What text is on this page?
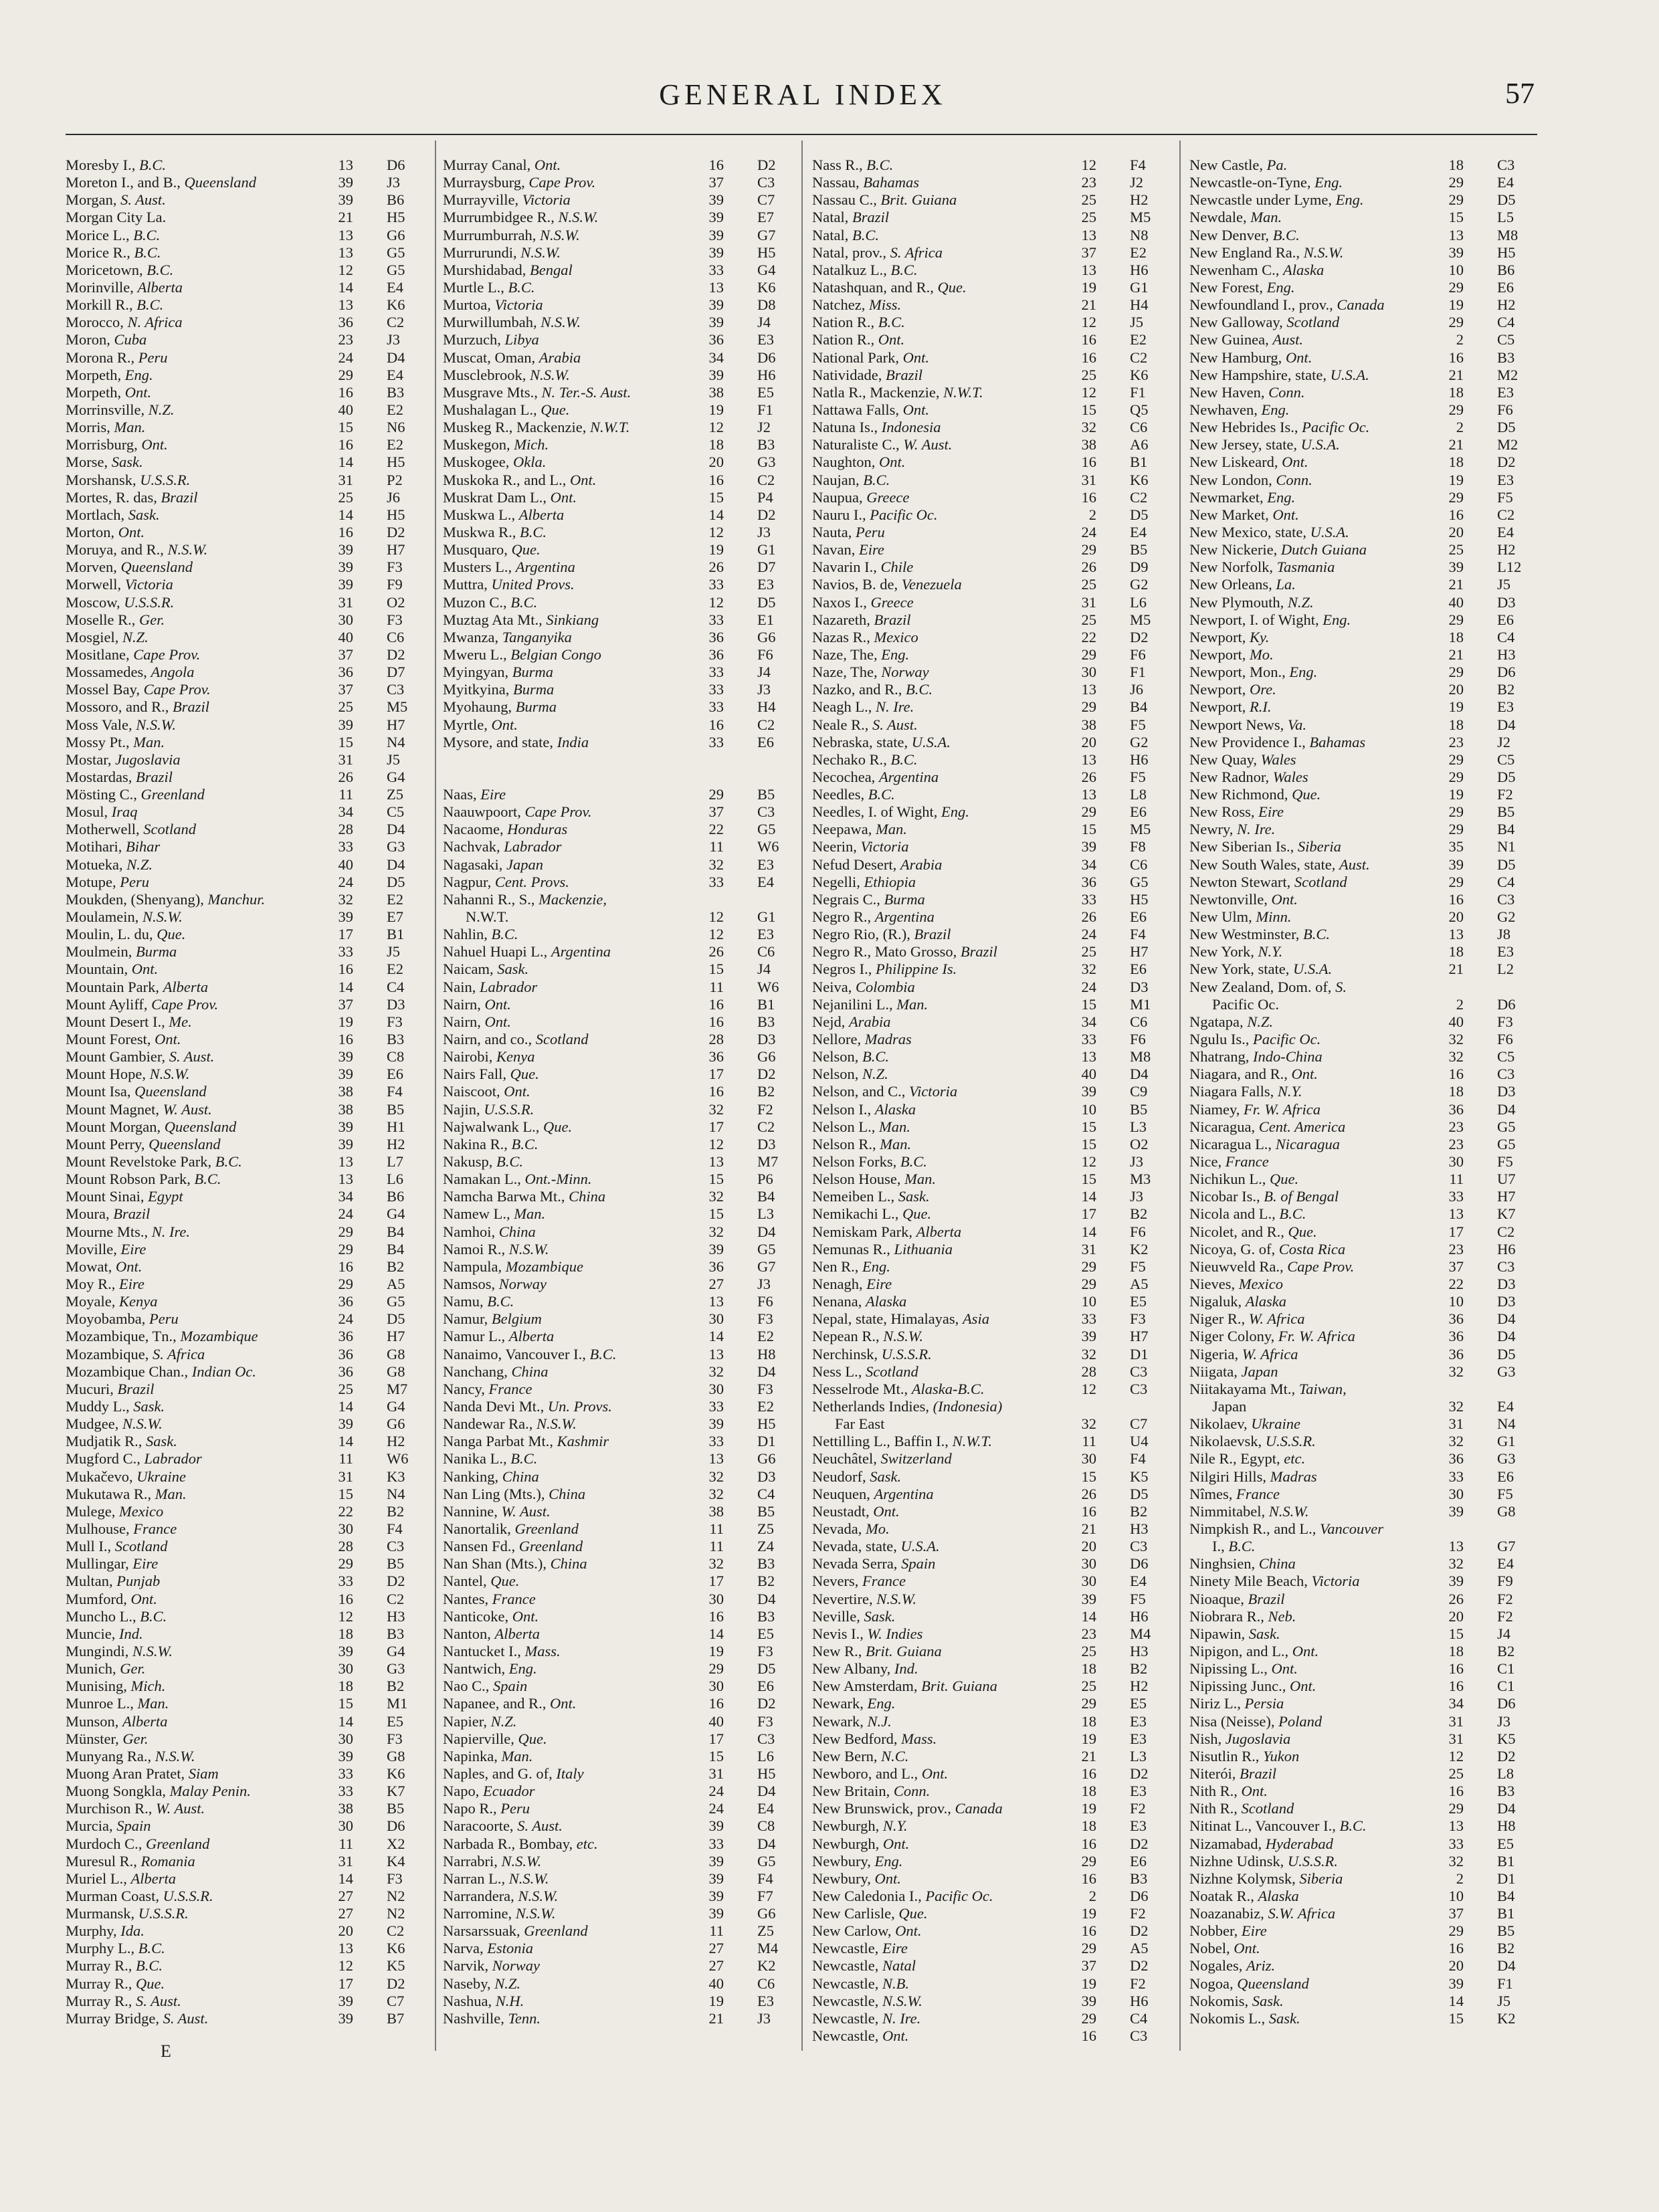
GENERAL INDEX	57
Moresby I., B.C.	13 D6
Moreton I., and B., Queensland	39 J3
Morgan, S. Aust.	39 B6
Morgan City La.	21 H5
Morice L., B.C.	13 G6
Morice R., B.C.	13 G5
Moricetown, B.C.	12 G5
Morinville, Alberta	14 E4
Morkill R., B.C.	13 K6
Morocco, N. Africa	36 C2
Moron, Cuba	23 J3
Morona R., Peru	24 D4
Morpeth, Eng.	29 E4
Morpeth, Ont.	16 B3
Morrinsville, N.Z.	40 E2
Morris, Man.	15 N6
Morrisburg, Ont.	16 E2
Morse, Sask.	14 H5
Morshansk, U.S.S.R.	31 P2
Mortes, R. das, Brazil	25 J6
Mortlach, Sask.	14 H5
Morton, Ont.	16 D2
Moruya, and R., N.S.W.	39 H7
Morven, Queensland	39 F3
Morwell, Victoria	39 F9
Moscow, U.S.S.R.	31 O2
Moselle R., Ger.	30 F3
Mosgiel, N.Z.	40 C6
Mositlane, Cape Prov.	37 D2
Mossamedes, Angola	36 D7
Mossel Bay, Cape Prov.	37 C3
Mossoro, and R., Brazil	25 M5
Moss Vale, N.S.W.	39 H7
Mossy Pt., Man.	15 N4
Mostar, Jugoslavia	31 J5
Mostardas, Brazil	26 G4
Mösting C., Greenland	11 Z5
Mosul, Iraq	34 C5
Motherwell, Scotland	28 D4
Motihari, Bihar	33 G3
Motueka, N.Z.	40 D4
Motupe, Peru	24 D5
Moukden, (Shenyang), Manchur.	32 E2
Moulamein, N.S.W.	39 E7
Moulin, L. du, Que.	17 B1
Moulmein, Burma	33 J5
Mountain, Ont.	16 E2
Mountain Park, Alberta	14 C4
Mount Ayliff, Cape Prov.	37 D3
Mount Desert I., Me.	19 F3
Mount Forest, Ont.	16 B3
Mount Gambier, S. Aust.	39 C8
Mount Hope, N.S.W.	39 E6
Mount Isa, Queensland	38 F4
Mount Magnet, W. Aust.	38 B5
Mount Morgan, Queensland	39 H1
Mount Perry, Queensland	39 H2
Mount Revelstoke Park, B.C.	13 L7
Mount Robson Park, B.C.	13 L6
Mount Sinai, Egypt	34 B6
Moura, Brazil	24 G4
Mourne Mts., N. Ire.	29 B4
Moville, Eire	29 B4
Mowat, Ont.	16 B2
Moy R., Eire	29 A5
Moyale, Kenya	36 G5
Moyobamba, Peru	24 D5
Mozambique, Tn., Mozambique	36 H7
Mozambique, S. Africa	36 G8
Mozambique Chan., Indian Oc.	36 G8
Mucuri, Brazil	25 M7
Muddy L., Sask.	14 G4
Mudgee, N.S.W.	39 G6
Mudjatik R., Sask.	14 H2
Mugford C., Labrador	11 W6
Mukačevo, Ukraine	31 K3
Mukutawa R., Man.	15 N4
Mulege, Mexico	22 B2
Mulhouse, France	30 F4
Mull I., Scotland	28 C3
Mullingar, Eire	29 B5
Multan, Punjab	33 D2
Mumford, Ont.	16 C2
Muncho L., B.C.	12 H3
Muncie, Ind.	18 B3
Mungindi, N.S.W.	39 G4
Munich, Ger.	30 G3
Munising, Mich.	18 B2
Munroe L., Man.	15 M1
Munson, Alberta	14 E5
Münster, Ger.	30 F3
Munyang Ra., N.S.W.	39 G8
Muong Aran Pratet, Siam	33 K6
Muong Songkla, Malay Penin.	33 K7
Murchison R., W. Aust.	38 B5
Murcia, Spain	30 D6
Murdoch C., Greenland	11 X2
Muresul R., Romania	31 K4
Muriel L., Alberta	14 F3
Murman Coast, U.S.S.R.	27 N2
Murmansk, U.S.S.R.	27 N2
Murphy, Ida.	20 C2
Murphy L., B.C.	13 K6
Murray R., B.C.	12 K5
Murray R., Que.	17 D2
Murray R., S. Aust.	39 C7
Murray Bridge, S. Aust.	39 B7
Murray Canal, Ont.	16 D2
Murraysburg, Cape Prov.	37 C3
Murrayville, Victoria	39 C7
Murrumbidgee R., N.S.W.	39 E7
Murrumburrah, N.S.W.	39 G7
Murrurundi, N.S.W.	39 H5
Murshidabad, Bengal	33 G4
Murtle L., B.C.	13 K6
Murtoa, Victoria	39 D8
Murwillumbah, N.S.W.	39 J4
Murzuch, Libya	36 E3
Muscat, Oman, Arabia	34 D6
Musclebrook, N.S.W.	39 H6
Musgrave Mts., N. Ter.-S. Aust.	38 E5
Mushalagan L., Que.	19 F1
Muskeg R., Mackenzie, N.W.T.	12 J2
Muskegon, Mich.	18 B3
Muskogee, Okla.	20 G3
Muskoka R., and L., Ont.	16 C2
Muskrat Dam L., Ont.	15 P4
Muskwa L., Alberta	14 D2
Muskwa R., B.C.	12 J3
Musquaro, Que.	19 G1
Musters L., Argentina	26 D7
Muttra, United Provs.	33 E3
Muzon C., B.C.	12 D5
Muztag Ata Mt., Sinkiang	33 E1
Mwanza, Tanganyika	36 G6
Mweru L., Belgian Congo	36 F6
Myingyan, Burma	33 J4
Myitkyina, Burma	33 J3
Myohaung, Burma	33 H4
Myrtle, Ont.	16 C2
Mysore, and state, India	33 E6
Naas, Eire	29 B5
Naauwpoort, Cape Prov.	37 C3
Nacaome, Honduras	22 G5
Nachvak, Labrador	11 W6
Nagasaki, Japan	32 E3
Nagpur, Cent. Provs.	33 E4
Nahanni R., S., Mackenzie,
N.W.T.	12 G1
Nahlin, B.C.	12 E3
Nahuel Huapi L., Argentina	26 C6
Naicam, Sask.	15 J4
Nain, Labrador	11 W6
Nairn, Ont.	16 B1
Nairn, Ont.	16 B3
Nairn, and co., Scotland	28 D3
Nairobi, Kenya	36 G6
Nairs Fall, Que.	17 D2
Naiscoot, Ont.	16 B2
Najin, U.S.S.R.	32 F2
Najwalwank L., Que.	17 C2
Nakina R., B.C.	12 D3
Nakusp, B.C.	13 M7
Namakan L., Ont.-Minn.	15 P6
Namcha Barwa Mt., China	32 B4
Namew L., Man.	15 L3
Namhoi, China	32 D4
Namoi R., N.S.W.	39 G5
Nampula, Mozambique	36 G7
Namsos, Norway	27 J3
Namu, B.C.	13 F6
Namur, Belgium	30 F3
Namur L., Alberta	14 E2
Nanaimo, Vancouver I., B.C.	13 H8
Nanchang, China	32 D4
Nancy, France	30 F3
Nanda Devi Mt., Un. Provs.	33 E2
Nandewar Ra., N.S.W.	39 H5
Nanga Parbat Mt., Kashmir	33 D1
Nanika L., B.C.	13 G6
Nanking, China	32 D3
Nan Ling (Mts.), China	32 C4
Nannine, W. Aust.	38 B5
Nanortalik, Greenland	11 Z5
Nansen Fd., Greenland	11 Z4
Nan Shan (Mts.), China	32 B3
Nantel, Que.	17 B2
Nantes, France	30 D4
Nanticoke, Ont.	16 B3
Nanton, Alberta	14 E5
Nantucket I., Mass.	19 F3
Nantwich, Eng.	29 D5
Nao C., Spain	30 E6
Napanee, and R., Ont.	16 D2
Napier, N.Z.	40 F3
Napierville, Que.	17 C3
Napinka, Man.	15 L6
Naples, and G. of, Italy	31 H5
Napo, Ecuador	24 D4
Napo R., Peru	24 E4
Naracoorte, S. Aust.	39 C8
Narbada R., Bombay, etc.	33 D4
Narrabri, N.S.W.	39 G5
Narran L., N.S.W.	39 F4
Narrandera, N.S.W.	39 F7
Narromine, N.S.W.	39 G6
Narsarssuak, Greenland	11 Z5
Narva, Estonia	27 M4
Narvik, Norway	27 K2
Naseby, N.Z.	40 C6
Nashua, N.H.	19 E3
Nashville, Tenn.	21 J3
Nass R., B.C.	12 F4
Nassau, Bahamas	23 J2
Nassau C., Brit. Guiana	25 H2
Natal, Brazil	25 M5
Natal, B.C.	13 N8
Natal, prov., S. Africa	37 E2
Natalkuz L., B.C.	13 H6
Natashquan, and R., Que.	19 G1
Natchez, Miss.	21 H4
Nation R., B.C.	12 J5
Nation R., Ont.	16 E2
National Park, Ont.	16 C2
Natividade, Brazil	25 K6
Natla R., Mackenzie, N.W.T.	12 F1
Nattawa Falls, Ont.	15 Q5
Natuna Is., Indonesia	32 C6
Naturaliste C., W. Aust.	38 A6
Naughton, Ont.	16 B1
Naujan, B.C.	31 K6
Naupua, Greece	16 C2
Nauru I., Pacific Oc.	2 D5
Nauta, Peru	24 E4
Navan, Eire	29 B5
Navarin I., Chile	26 D9
Navios, B. de, Venezuela	25 G2
Naxos I., Greece	31 L6
Nazareth, Brazil	25 M5
Nazas R., Mexico	22 D2
Naze, The, Eng.	29 F6
Naze, The, Norway	30 F1
Nazko, and R., B.C.	13 J6
Neagh L., N. Ire.	29 B4
Neale R., S. Aust.	38 F5
Nebraska, state, U.S.A.	20 G2
Nechako R., B.C.	13 H6
Necochea, Argentina	26 F5
Needles, B.C.	13 L8
Needles, I. of Wight, Eng.	29 E6
Neepawa, Man.	15 M5
Neerin, Victoria	39 F8
Nefud Desert, Arabia	34 C6
Negelli, Ethiopia	36 G5
Negrais C., Burma	33 H5
Negro R., Argentina	26 E6
Negro Rio, (R.), Brazil	24 F4
Negro R., Mato Grosso, Brazil	25 H7
Negros I., Philippine Is.	32 E6
Neiva, Colombia	24 D3
Nejanilini L., Man.	15 M1
Nejd, Arabia	34 C6
Nellore, Madras	33 F6
Nelson, B.C.	13 M8
Nelson, N.Z.	40 D4
Nelson, and C., Victoria	39 C9
Nelson I., Alaska	10 B5
Nelson L., Man.	15 L3
Nelson R., Man.	15 O2
Nelson Forks, B.C.	12 J3
Nelson House, Man.	15 M3
Nemeiben L., Sask.	14 J3
Nemikachi L., Que.	17 B2
Nemiskam Park, Alberta	14 F6
Nemunas R., Lithuania	31 K2
Nen R., Eng.	29 F5
Nenagh, Eire	29 A5
Nenana, Alaska	10 E5
Nepal, state, Himalayas, Asia	33 F3
Nepean R., N.S.W.	39 H7
Nerchinsk, U.S.S.R.	32 D1
Ness L., Scotland	28 C3
Nesselrode Mt., Alaska-B.C.	12 C3
Netherlands Indies, (Indonesia)
Far East	32 C7
Nettilling L., Baffin I., N.W.T.	11 U4
Neuchâtel, Switzerland	30 F4
Neudorf, Sask.	15 K5
Neuquen, Argentina	26 D5
Neustadt, Ont.	16 B2
Nevada, Mo.	21 H3
Nevada, state, U.S.A.	20 C3
Nevada Serra, Spain	30 D6
Nevers, France	30 E4
Nevertire, N.S.W.	39 F5
Neville, Sask.	14 H6
Nevis I., W. Indies	23 M4
New R., Brit. Guiana	25 H3
New Albany, Ind.	18 B2
New Amsterdam, Brit. Guiana	25 H2
Newark, Eng.	29 E5
Newark, N.J.	18 E3
New Bedford, Mass.	19 E3
New Bern, N.C.	21 L3
Newboro, and L., Ont.	16 D2
New Britain, Conn.	18 E3
New Brunswick, prov., Canada	19 F2
Newburgh, N.Y.	18 E3
Newburgh, Ont.	16 D2
Newbury, Eng.	29 E6
Newbury, Ont.	16 B3
New Caledonia I., Pacific Oc.	2 D6
New Carlisle, Que.	19 F2
New Carlow, Ont.	16 D2
Newcastle, Eire	29 A5
Newcastle, Natal	37 D2
Newcastle, N.B.	19 F2
Newcastle, N.S.W.	39 H6
Newcastle, N. Ire.	29 C4
Newcastle, Ont.	16 C3
New Castle, Pa.	18 C3
Newcastle-on-Tyne, Eng.	29 E4
Newcastle under Lyme, Eng.	29 D5
Newdale, Man.	15 L5
New Denver, B.C.	13 M8
New England Ra., N.S.W.	39 H5
Newenham C., Alaska	10 B6
New Forest, Eng.	29 E6
Newfoundland I., prov., Canada	19 H2
New Galloway, Scotland	29 C4
New Guinea, Aust.	2 C5
New Hamburg, Ont.	16 B3
New Hampshire, state, U.S.A.	21 M2
New Haven, Conn.	18 E3
Newhaven, Eng.	29 F6
New Hebrides Is., Pacific Oc.	2 D5
New Jersey, state, U.S.A.	21 M2
New Liskeard, Ont.	18 D2
New London, Conn.	19 E3
Newmarket, Eng.	29 F5
New Market, Ont.	16 C2
New Mexico, state, U.S.A.	20 E4
New Nickerie, Dutch Guiana	25 H2
New Norfolk, Tasmania	39 L12
New Orleans, La.	21 J5
New Plymouth, N.Z.	40 D3
Newport, I. of Wight, Eng.	29 E6
Newport, Ky.	18 C4
Newport, Mo.	21 H3
Newport, Mon., Eng.	29 D6
Newport, Ore.	20 B2
Newport, R.I.	19 E3
Newport News, Va.	18 D4
New Providence I., Bahamas	23 J2
New Quay, Wales	29 C5
New Radnor, Wales	29 D5
New Richmond, Que.	19 F2
New Ross, Eire	29 B5
Newry, N. Ire.	29 B4
New Siberian Is., Siberia	35 N1
New South Wales, state, Aust.	39 D5
Newton Stewart, Scotland	29 C4
Newtonville, Ont.	16 C3
New Ulm, Minn.	20 G2
New Westminster, B.C.	13 J8
New York, N.Y.	18 E3
New York, state, U.S.A.	21 L2
New Zealand, Dom. of, S.
Pacific Oc.	2 D6
Ngatapa, N.Z.	40 F3
Ngulu Is., Pacific Oc.	32 F6
Nhatrang, Indo-China	32 C5
Niagara, and R., Ont.	16 C3
Niagara Falls, N.Y.	18 D3
Niamey, Fr. W. Africa	36 D4
Nicaragua, Cent. America	23 G5
Nicaragua L., Nicaragua	23 G5
Nice, France	30 F5
Nichikun L., Que.	11 U7
Nicobar Is., B. of Bengal	33 H7
Nicola and L., B.C.	13 K7
Nicolet, and R., Que.	17 C2
Nicoya, G. of, Costa Rica	23 H6
Nieuwveld Ra., Cape Prov.	37 C3
Nieves, Mexico	22 D3
Nigaluk, Alaska	10 D3
Niger R., W. Africa	36 D4
Niger Colony, Fr. W. Africa	36 D4
Nigeria, W. Africa	36 D5
Niigata, Japan	32 G3
Niitakayama Mt., Taiwan,
Japan	32 E4
Nikolaev, Ukraine	31 N4
Nikolaevsk, U.S.S.R.	32 G1
Nile R., Egypt, etc.	36 G3
Nilgiri Hills, Madras	33 E6
Nîmes, France	30 F5
Nimmitabel, N.S.W.	39 G8
Nimpkish R., and L., Vancouver
I., B.C.	13 G7
Ninghsien, China	32 E4
Ninety Mile Beach, Victoria	39 F9
Nioaque, Brazil	26 F2
Niobrara R., Neb.	20 F2
Nipawin, Sask.	15 J4
Nipigon, and L., Ont.	18 B2
Nipissing L., Ont.	16 C1
Nipissing Junc., Ont.	16 C1
Niriz L., Persia	34 D6
Nisa (Neisse), Poland	31 J3
Nish, Jugoslavia	31 K5
Nisutlin R., Yukon	12 D2
Niterói, Brazil	25 L8
Nith R., Ont.	16 B3
Nith R., Scotland	29 D4
Nitinat L., Vancouver I., B.C.	13 H8
Nizamabad, Hyderabad	33 E5
Nizhne Udinsk, U.S.S.R.	32 B1
Nizhne Kolymsk, Siberia	2 D1
Noatak R., Alaska	10 B4
Noazanabiz, S.W. Africa	37 B1
Nobber, Eire	29 B5
Nobel, Ont.	16 B2
Nogales, Ariz.	20 D4
Nogoa, Queensland	39 F1
Nokomis, Sask.	14 J5
Nokomis L., Sask.	15 K2
E
